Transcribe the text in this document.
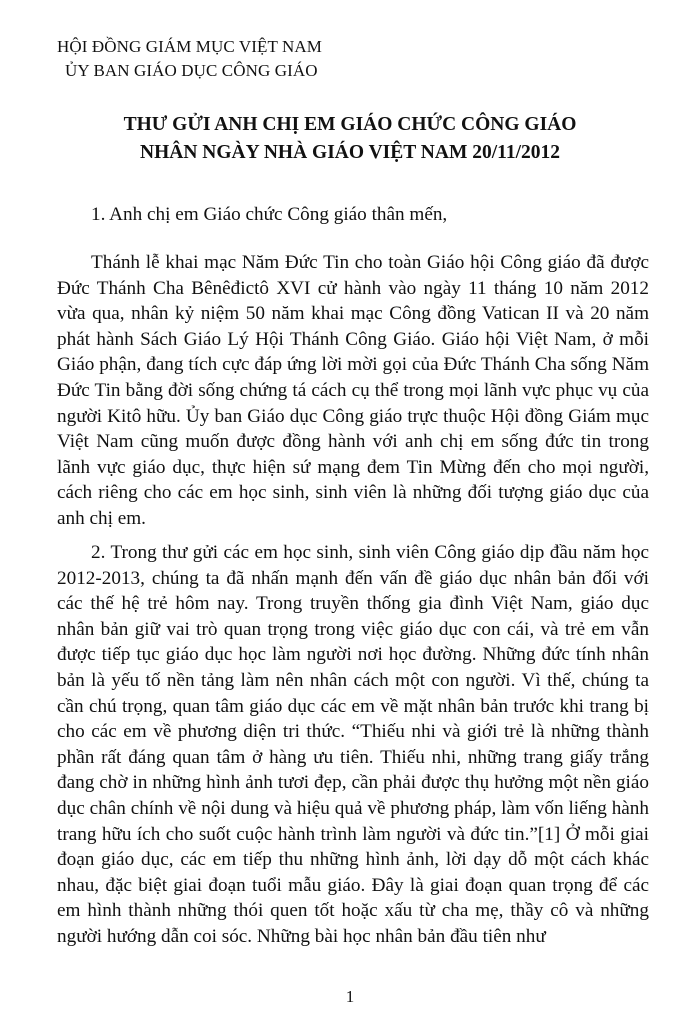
HỘI ĐỒNG GIÁM MỤC VIỆT NAM
ỦY BAN GIÁO DỤC CÔNG GIÁO
THƯ GỬI ANH CHỊ EM GIÁO CHỨC CÔNG GIÁO
NHÂN NGÀY NHÀ GIÁO VIỆT NAM 20/11/2012

1. Anh chị em Giáo chức Công giáo thân mến,

Thánh lễ khai mạc Năm Đức Tin cho toàn Giáo hội Công giáo đã được Đức Thánh Cha Bênêđictô XVI cử hành vào ngày 11 tháng 10 năm 2012 vừa qua, nhân kỷ niệm 50 năm khai mạc Công đồng Vatican II và 20 năm phát hành Sách Giáo Lý Hội Thánh Công Giáo. Giáo hội Việt Nam, ở mỗi Giáo phận, đang tích cực đáp ứng lời mời gọi của Đức Thánh Cha sống Năm Đức Tin bằng đời sống chứng tá cách cụ thể trong mọi lãnh vực phục vụ của người Kitô hữu. Ủy ban Giáo dục Công giáo trực thuộc Hội đồng Giám mục Việt Nam cũng muốn được đồng hành với anh chị em sống đức tin trong lãnh vực giáo dục, thực hiện sứ mạng đem Tin Mừng đến cho mọi người, cách riêng cho các em học sinh, sinh viên là những đối tượng giáo dục của anh chị em.

2. Trong thư gửi các em học sinh, sinh viên Công giáo dịp đầu năm học 2012-2013, chúng ta đã nhấn mạnh đến vấn đề giáo dục nhân bản đối với các thế hệ trẻ hôm nay. Trong truyền thống gia đình Việt Nam, giáo dục nhân bản giữ vai trò quan trọng trong việc giáo dục con cái, và trẻ em vẫn được tiếp tục giáo dục học làm người nơi học đường. Những đức tính nhân bản là yếu tố nền tảng làm nên nhân cách một con người. Vì thế, chúng ta cần chú trọng, quan tâm giáo dục các em về mặt nhân bản trước khi trang bị cho các em về phương diện tri thức. “Thiếu nhi và giới trẻ là những thành phần rất đáng quan tâm ở hàng ưu tiên. Thiếu nhi, những trang giấy trắng đang chờ in những hình ảnh tươi đẹp, cần phải được thụ hưởng một nền giáo dục chân chính về nội dung và hiệu quả về phương pháp, làm vốn liếng hành trang hữu ích cho suốt cuộc hành trình làm người và đức tin.”[1] Ở mỗi giai đoạn giáo dục, các em tiếp thu những hình ảnh, lời dạy dỗ một cách khác nhau, đặc biệt giai đoạn tuổi mẫu giáo. Đây là giai đoạn quan trọng để các em hình thành những thói quen tốt hoặc xấu từ cha mẹ, thầy cô và những người hướng dẫn coi sóc. Những bài học nhân bản đầu tiên như

1
